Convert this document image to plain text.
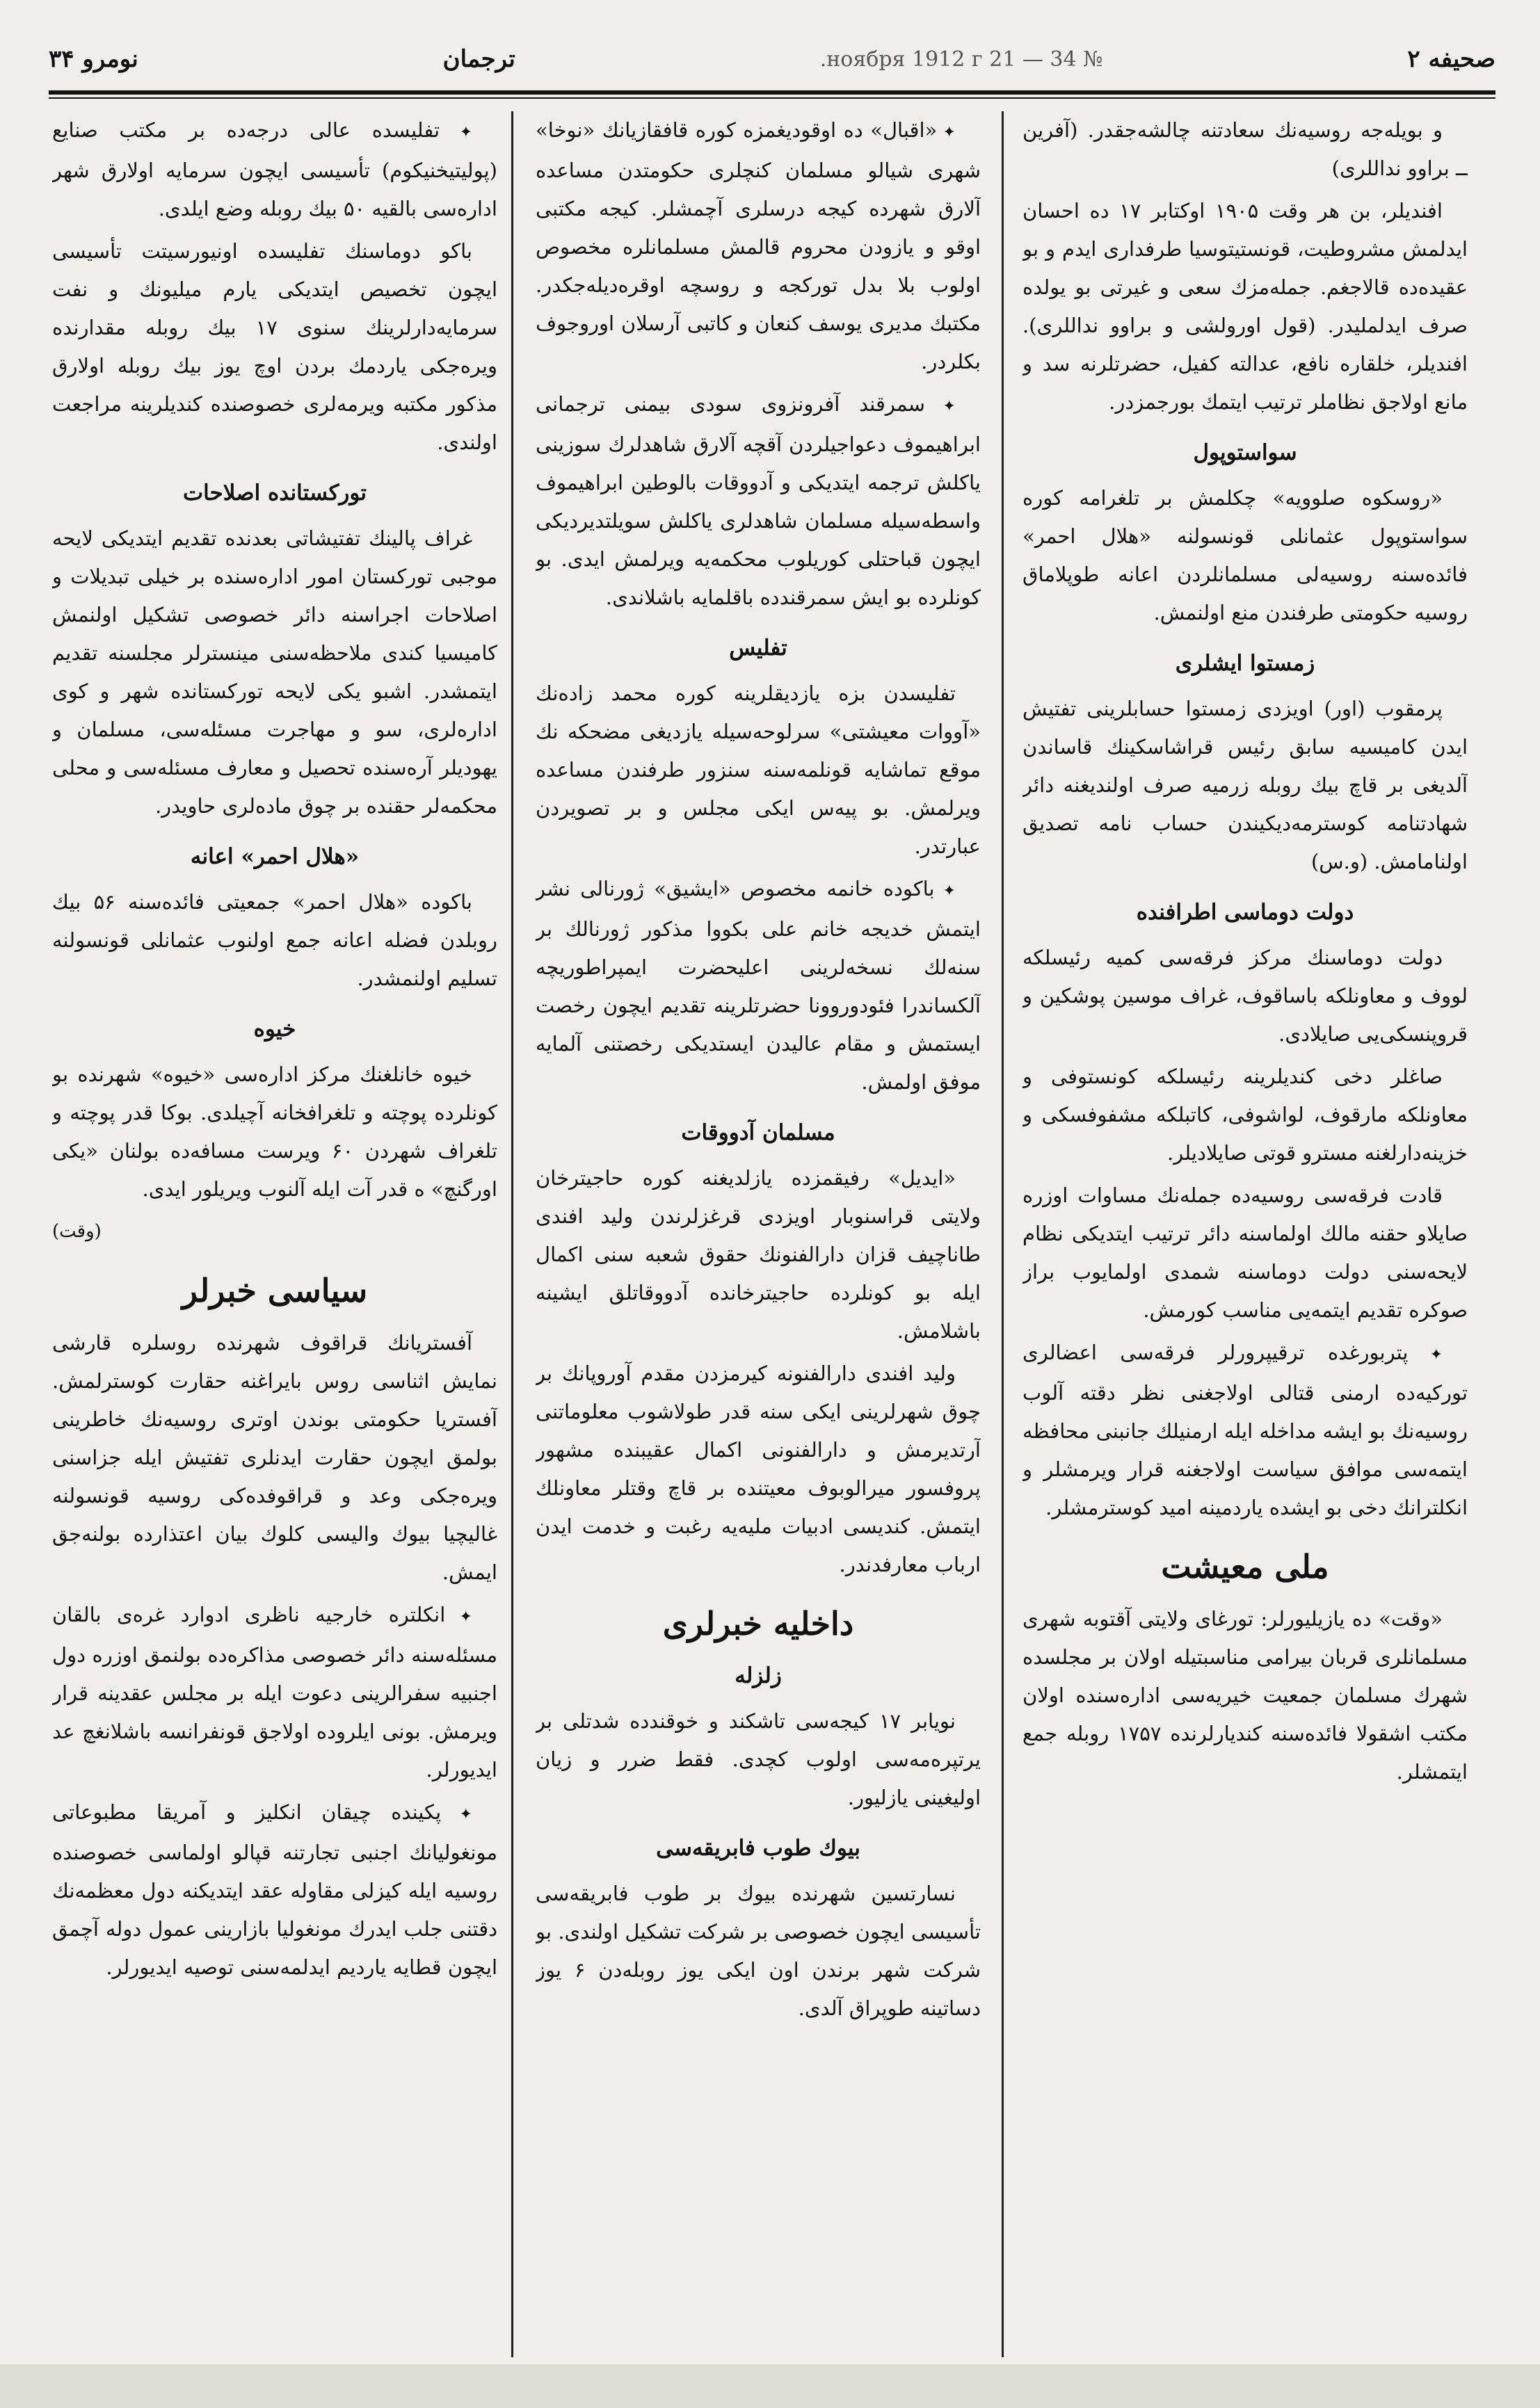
صحيفه ۲
№ 34 — 21 ноября 1912 г.
ترجمان
نومرو ۳۴

و بويله‌جه روسيه‌نك سعادتنه چالشه‌جقدر. (آفرين ــ براوو نداللری)

افنديلر، بن هر وقت ۱۹۰۵ اوكتابر ۱۷ ده احسان ايدلمش مشروطيت، قونستيتوسيا طرفداری ايدم و بو عقيده‌ده قالاجغم. جمله‌مزك سعی و غيرتی بو يولده صرف ايدلملیدر. (قول اورولشی و براوو نداللری). افنديلر، خلقاره نافع، عدالته كفيل، حضرتلرنه سد و مانع اولاجق نظاملر ترتيب ايتمك بورجمزدر.

سواستوپول

«روسكوه صلوويه» چكلمش بر تلغرامه كوره سواستوپول عثمانلی قونسولنه «هلال احمر» فائده‌سنه روسيه‌لی مسلمانلردن اعانه طوپلاماق روسيه حكومتی طرفندن منع اولنمش.

زمستوا ايشلری

پرمقوب (اور) اويزدی زمستوا حسابلرينی تفتيش ايدن كاميسيه سابق رئيس قراشاسكينك قاساندن آلديغی بر قاچ بيك روبله زرميه صرف اولنديغنه دائر شهادتنامه كوسترمه‌ديكيندن حساب نامه تصديق اولنامامش. (و.س)

دولت دوماسی اطرافنده

دولت دوماسنك مركز فرقه‌سی كميه رئيسلكه لووف و معاونلكه باساقوف، غراف موسين پوشكين و قروپنسكی‌يی صايلادی.

صاغلر دخی كنديلرينه رئيسلكه كونستوفی و معاونلكه مارقوف، لواشوفی، كاتبلكه مشفوفسكی و خزينه‌دارلغنه مسترو قوتی صايلاديلر.

قادت فرقه‌سی روسيه‌ده جمله‌نك مساوات اوزره صايلاو حقنه مالك اولماسنه دائر ترتيب ايتديكی نظام لايحه‌سنی دولت دوماسنه شمدی اولمايوب براز صوكره تقديم ايتمه‌يی مناسب كورمش.

✦ پتربورغده ترقيپرورلر فرقه‌سی اعضالری توركيه‌ده ارمنی قتالی اولاجغنی نظر دقته آلوب روسيه‌نك بو ايشه مداخله ايله ارمنيلك جانبنی محافظه ايتمه‌سی موافق سياست اولاجغنه قرار ويرمشلر و انكلترانك دخی بو ايشده ياردمينه اميد كوسترمشلر.

ملی معيشت

«وقت» ده يازيليورلر: تورغای ولايتی آقتوبه شهری مسلمانلری قربان بيرامی مناسبتيله اولان بر مجلسده شهرك مسلمان جمعيت خيريه‌سی اداره‌سنده اولان مكتب اشقولا فائده‌سنه كنديارلرنده ۱۷۵۷ روبله جمع ايتمشلر.

✦ «اقبال» ده اوقوديغمزه كوره قافقازيانك «نوخا» شهری شيالو مسلمان كنچلری حكومتدن مساعده آلارق شهرده كيجه درسلری آچمشلر. كيجه مكتبی اوقو و يازودن محروم قالمش مسلمانلره مخصوص اولوب بلا بدل توركجه و روسچه اوقره‌ديله‌جكدر. مكتبك مديری يوسف كنعان و كاتبی آرسلان اوروجوف بكلردر.

✦ سمرقند آفرونزوی سودی بيمنی ترجمانی ابراهيموف دعواجيلردن آقچه آلارق شاهدلرك سوزينی ياكلش ترجمه ايتديكی و آدووقات بالوطين ابراهيموف واسطه‌سيله مسلمان شاهدلری ياكلش سويلتديرديكی ايچون قباحتلی كوريلوب محكمه‌يه ويرلمش ايدی. بو كونلرده بو ايش سمرقندده باقلمايه باشلاندی.

تفليس

تفليسدن بزه يازديقلرينه كوره محمد زاده‌نك «آووات معيشتی» سرلوحه‌سيله يازديغی مضحكه نك موقع تماشايه قونلمه‌سنه سنزور طرفندن مساعده ويرلمش. بو پيه‌س ايكی مجلس و بر تصويردن عبارتدر.

✦ باكوده خانمه مخصوص «ايشيق» ژورنالی نشر ايتمش خديجه خانم علی بكووا مذكور ژورنالك بر سنه‌لك نسخه‌لرينی اعليحضرت ايمپراطوريچه آلكساندرا فئودوروونا حضرتلرينه تقديم ايچون رخصت ايستمش و مقام عاليدن ايستديكی رخصتنی آلمايه موفق اولمش.

مسلمان آدووقات

«ايديل» رفيقمزده يازلديغنه كوره حاجيترخان ولايتی قراسنوبار اويزدی قرغزلرندن وليد افندی طاناچيف قزان دارالفنونك حقوق شعبه سنی اكمال ايله بو كونلرده حاجيترخانده آدووقاتلق ايشينه باشلامش.

وليد افندی دارالفنونه كيرمزدن مقدم آوروپانك بر چوق شهرلرينی ايكی سنه قدر طولاشوب معلوماتنی آرتديرمش و دارالفنونی اكمال عقيبنده مشهور پروفسور ميرالوبوف معيتنده بر قاچ وقتلر معاونلك ايتمش. كنديسی ادبيات مليه‌يه رغبت و خدمت ايدن ارباب معارفدندر.

داخليه خبرلری
زلزله

نويابر ۱۷ كيجه‌سی تاشكند و خوقندده شدتلی بر يرتپره‌مه‌سی اولوب كچدی. فقط ضرر و زيان اوليغينی يازليور.

بيوك طوب فابريقه‌سی

نسارتسين شهرنده بيوك بر طوب فابريقه‌سی تأسيسی ايچون خصوصی بر شركت تشكيل اولندی. بو شركت شهر برندن اون ايكی يوز روبله‌دن ۶ يوز دساتينه طوپراق آلدی.

✦ تفليسده عالی درجه‌ده بر مكتب صنايع (پوليتيخنيكوم) تأسيسی ايچون سرمايه اولارق شهر اداره‌سی بالقيه ۵۰ بيك روبله وضع ايلدی.

باكو دوماسنك تفليسده اونيورسيتت تأسيسی ايچون تخصيص ايتديكی يارم ميليونك و نفت سرمايه‌دارلرينك سنوی ۱۷ بيك روبله مقدارنده ويره‌جكی ياردمك بردن اوچ يوز بيك روبله اولارق مذكور مكتبه ويرمه‌لری خصوصنده كنديلرينه مراجعت اولندی.

توركستانده اصلاحات

غراف پالينك تفتيشاتی بعدنده تقديم ايتديكی لايحه موجبی توركستان امور اداره‌سنده بر خيلی تبديلات و اصلاحات اجراسنه دائر خصوصی تشكيل اولنمش كاميسيا كندی ملاحظه‌سنی مينسترلر مجلسنه تقديم ايتمشدر. اشبو يكی لايحه توركستانده شهر و كوی اداره‌لری، سو و مهاجرت مسئله‌سی، مسلمان و يهوديلر آره‌سنده تحصيل و معارف مسئله‌سی و محلی محكمه‌لر حقنده بر چوق ماده‌لری حاويدر.

«هلال احمر» اعانه

باكوده «هلال احمر» جمعيتی فائده‌سنه ۵۶ بيك روبلدن فضله اعانه جمع اولنوب عثمانلی قونسولنه تسليم اولنمشدر.

خيوه

خيوه خانلغنك مركز اداره‌سی «خيوه» شهرنده بو كونلرده پوچته و تلغرافخانه آچيلدی. بوكا قدر پوچته و تلغراف شهردن ۶۰ ويرست مسافه‌ده بولنان «يكی اورگنچ» ه قدر آت ايله آلنوب ويريلور ايدی.

(وقت)
سياسی خبرلر

آفستريانك قراقوف شهرنده روسلره قارشی نمايش اثناسی روس بايراغنه حقارت كوسترلمش. آفستريا حكومتی بوندن اوتری روسيه‌نك خاطرينی بولمق ايچون حقارت ايدنلری تفتيش ايله جزاسنی ويره‌جكی وعد و قراقوفده‌كی روسيه قونسولنه غاليچيا بيوك واليسی كلوك بيان اعتذارده بولنه‌جق ايمش.

✦ انكلتره خارجيه ناظری ادوارد غره‌ی بالقان مسئله‌سنه دائر خصوصی مذاكره‌ده بولنمق اوزره دول اجنبيه سفرالرينی دعوت ايله بر مجلس عقدينه قرار ويرمش. بونی ايلروده اولاجق قونفرانسه باشلانغچ عد ايديورلر.

✦ پكينده چيقان انكليز و آمريقا مطبوعاتی مونغوليانك اجنبی تجارتنه قپالو اولماسی خصوصنده روسيه ايله كيزلی مقاوله عقد ايتديكنه دول معظمه‌نك دقتنی جلب ايدرك مونغوليا بازارينی عمول دوله آچمق ايچون قطايه يارديم ايدلمه‌سنی توصيه ايديورلر.
